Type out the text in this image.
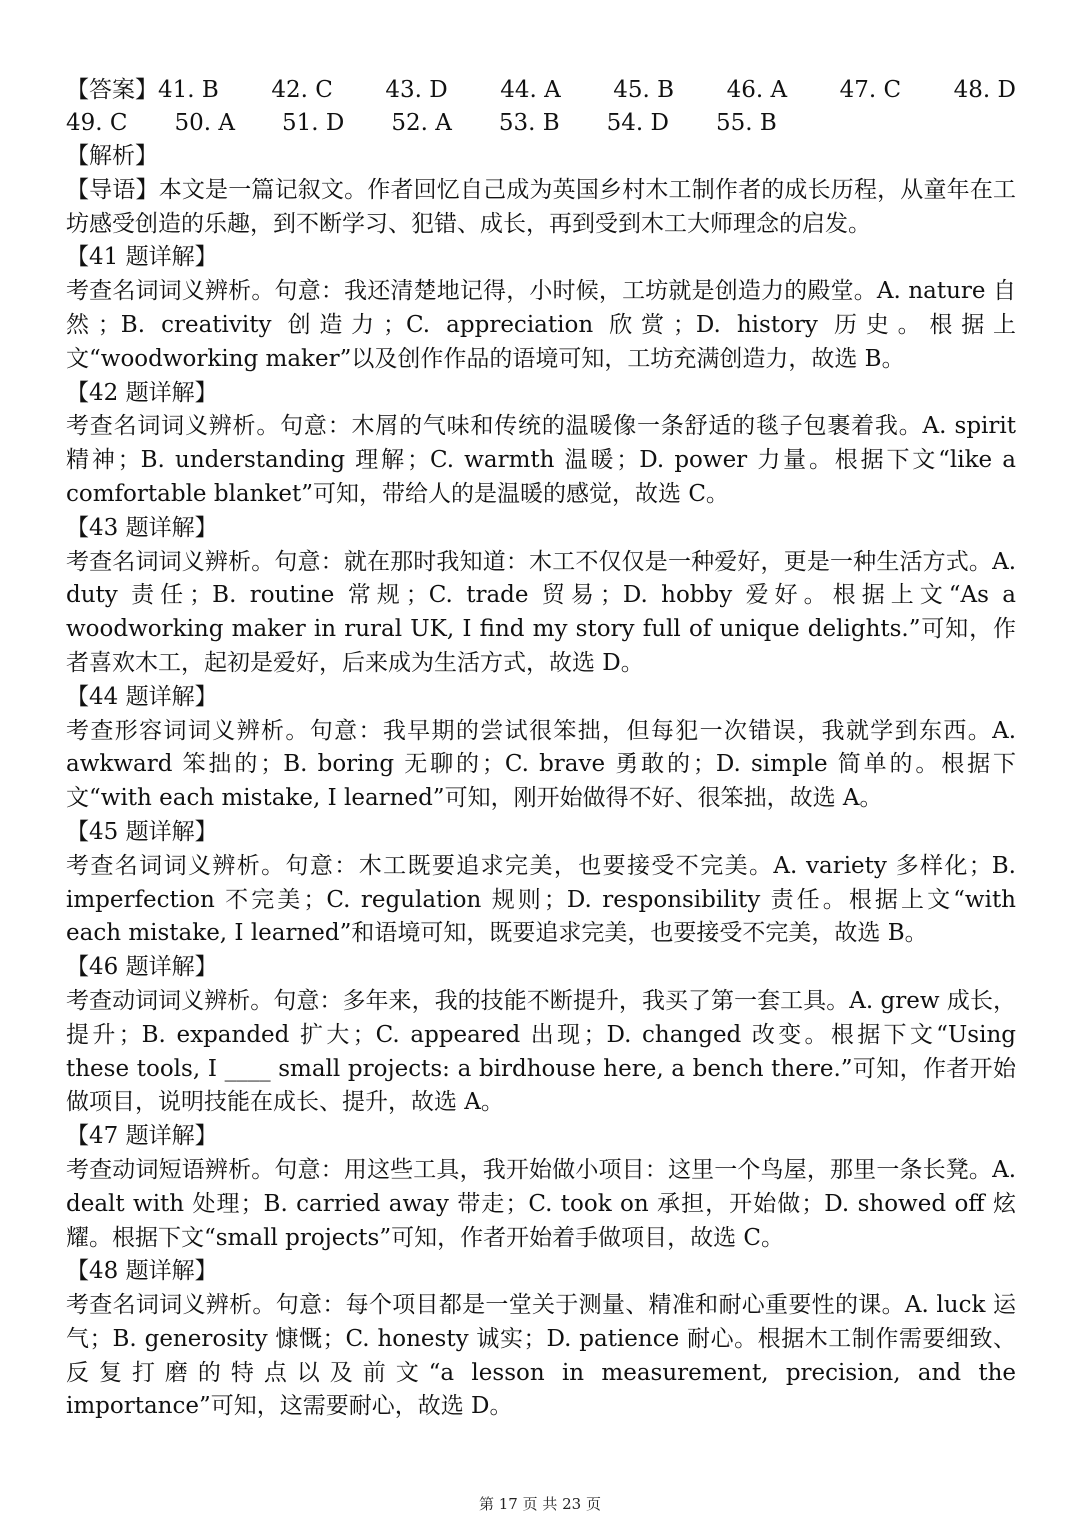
【答案】41. B 42. C 43. D 44. A 45. B 46. A 47. C 48. D
49. C 50. A 51. D 52. A 53. B 54. D 55. B
【解析】
【导语】本文是一篇记叙文。作者回忆自己成为英国乡村木工制作者的成长历程，从童年在工坊感受创造的乐趣，到不断学习、犯错、成长，再到受到木工大师理念的启发。
【41 题详解】
考查名词词义辨析。句意：我还清楚地记得，小时候，工坊就是创造力的殿堂。A. nature 自然；B. creativity 创造力；C. appreciation 欣赏；D. history 历史。根据上文“woodworking maker”以及创作作品的语境可知，工坊充满创造力，故选 B。
【42 题详解】
考查名词词义辨析。句意：木屑的气味和传统的温暖像一条舒适的毯子包裹着我。A. spirit 精神；B. understanding 理解；C. warmth 温暖；D. power 力量。根据下文“like a comfortable blanket”可知，带给人的是温暖的感觉，故选 C。
【43 题详解】
考查名词词义辨析。句意：就在那时我知道：木工不仅仅是一种爱好，更是一种生活方式。A. duty 责任；B. routine 常规；C. trade 贸易；D. hobby 爱好。根据上文“As a woodworking maker in rural UK, I find my story full of unique delights.”可知，作者喜欢木工，起初是爱好，后来成为生活方式，故选 D。
【44 题详解】
考查形容词词义辨析。句意：我早期的尝试很笨拙，但每犯一次错误，我就学到东西。A. awkward 笨拙的；B. boring 无聊的；C. brave 勇敢的；D. simple 简单的。根据下文“with each mistake, I learned”可知，刚开始做得不好、很笨拙，故选 A。
【45 题详解】
考查名词词义辨析。句意：木工既要追求完美，也要接受不完美。A. variety 多样化；B. imperfection 不完美；C. regulation 规则；D. responsibility 责任。根据上文“with each mistake, I learned”和语境可知，既要追求完美，也要接受不完美，故选 B。
【46 题详解】
考查动词词义辨析。句意：多年来，我的技能不断提升，我买了第一套工具。A. grew 成长，提升；B. expanded 扩大；C. appeared 出现；D. changed 改变。根据下文“Using these tools, I ____ small projects: a birdhouse here, a bench there.”可知，作者开始做项目，说明技能在成长、提升，故选 A。
【47 题详解】
考查动词短语辨析。句意：用这些工具，我开始做小项目：这里一个鸟屋，那里一条长凳。A. dealt with 处理；B. carried away 带走；C. took on 承担，开始做；D. showed off 炫耀。根据下文“small projects”可知，作者开始着手做项目，故选 C。
【48 题详解】
考查名词词义辨析。句意：每个项目都是一堂关于测量、精准和耐心重要性的课。A. luck 运气；B. generosity 慷慨；C. honesty 诚实；D. patience 耐心。根据木工制作需要细致、反复打磨的特点以及前文“a lesson in measurement, precision, and the importance”可知，这需要耐心，故选 D。
第 17 页 共 23 页
